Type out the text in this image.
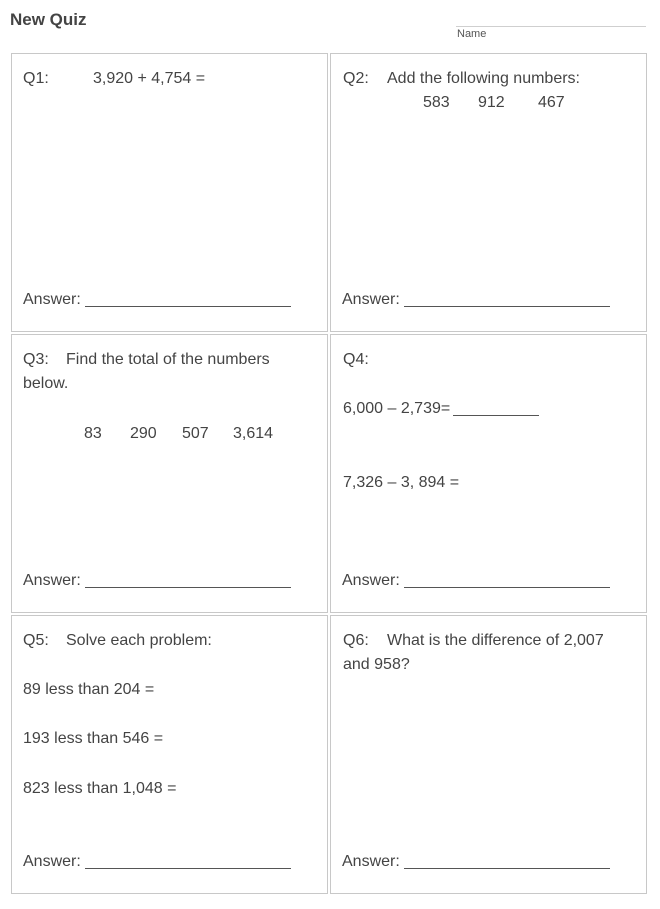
New Quiz
Name
Q1:	3,920 + 4,754 =
Answer:
Q2: Add the following numbers:
583 912 467
Answer:
Q3: Find the total of the numbers
below.
83 290 507 3,614
Answer:
Q4:
6,000 – 2,739=
7,326 – 3, 894 =
Answer:
Q5: Solve each problem:
89 less than 204 =
193 less than 546 =
823 less than 1,048 =
Answer:
Q6: What is the difference of 2,007
and 958?
Answer:
